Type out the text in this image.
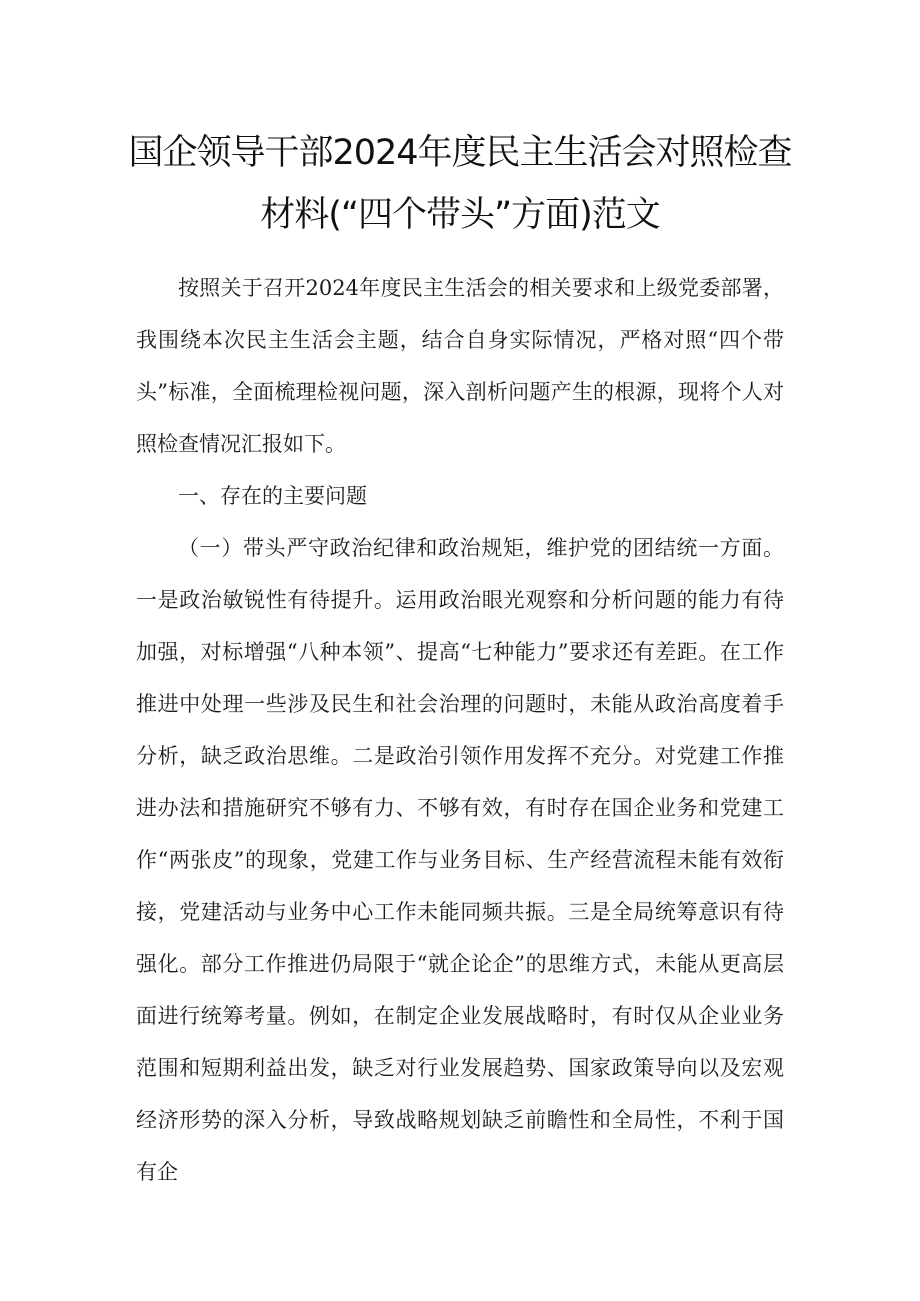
国企领导干部2024年度民主生活会对照检查
材料(“四个带头”方面)范文

按照关于召开2024年度民主生活会的相关要求和上级党委部署，我围绕本次民主生活会主题，结合自身实际情况，严格对照“四个带头”标准，全面梳理检视问题，深入剖析问题产生的根源，现将个人对照检查情况汇报如下。

一、存在的主要问题

（一）带头严守政治纪律和政治规矩，维护党的团结统一方面。一是政治敏锐性有待提升。运用政治眼光观察和分析问题的能力有待加强，对标增强“八种本领”、提高“七种能力”要求还有差距。在工作推进中处理一些涉及民生和社会治理的问题时，未能从政治高度着手分析，缺乏政治思维。二是政治引领作用发挥不充分。对党建工作推进办法和措施研究不够有力、不够有效，有时存在国企业务和党建工作“两张皮”的现象，党建工作与业务目标、生产经营流程未能有效衔接，党建活动与业务中心工作未能同频共振。三是全局统筹意识有待强化。部分工作推进仍局限于“就企论企”的思维方式，未能从更高层面进行统筹考量。例如，在制定企业发展战略时，有时仅从企业业务范围和短期利益出发，缺乏对行业发展趋势、国家政策导向以及宏观经济形势的深入分析，导致战略规划缺乏前瞻性和全局性，不利于国有企
